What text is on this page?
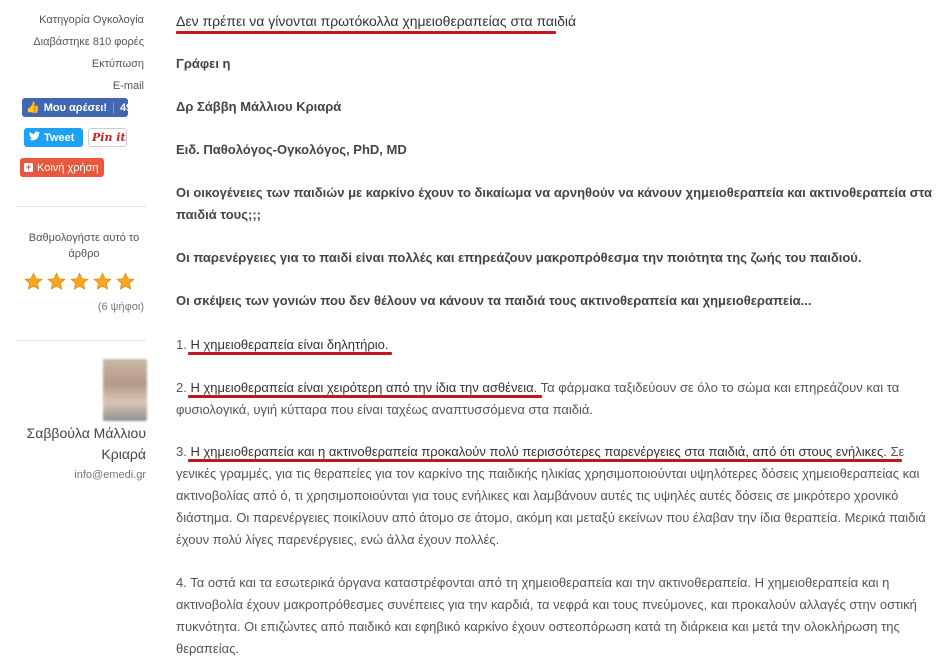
Κατηγορία Ογκολογία
Διαβάστηκε 810 φορές
Εκτύπωση
E-mail
👍 Μου αρέσει!	49
Tweet Pin it
+ Κοινή χρήση
Βαθμολογήστε αυτό το άρθρο
(6 ψήφοι)
Σαββούλα Μάλλιου Κριαρά
info@emedi.gr
Δεν πρέπει να γίνονται πρωτόκολλα χημειοθεραπείας στα παιδιά
Γράφει η
Δρ Σάββη Μάλλιου Κριαρά
Ειδ. Παθολόγος-Ογκολόγος, PhD, MD
Οι οικογένειες των παιδιών με καρκίνο έχουν το δικαίωμα να αρνηθούν να κάνουν χημειοθεραπεία και ακτινοθεραπεία στα παιδιά τους;;;
Οι παρενέργειες για το παιδί είναι πολλές και επηρεάζουν μακροπρόθεσμα την ποιότητα της ζωής του παιδιού.
Οι σκέψεις των γονιών που δεν θέλουν να κάνουν τα παιδιά τους ακτινοθεραπεία και χημειοθεραπεία...
1. Η χημειοθεραπεία είναι δηλητήριο.
2. Η χημειοθεραπεία είναι χειρότερη από την ίδια την ασθένεια. Τα φάρμακα ταξιδεύουν σε όλο το σώμα και επηρεάζουν και τα φυσιολογικά, υγιή κύτταρα που είναι ταχέως αναπτυσσόμενα στα παιδιά.
3. Η χημειοθεραπεία και η ακτινοθεραπεία προκαλούν πολύ περισσότερες παρενέργειες στα παιδιά, από ότι στους ενήλικες. Σε γενικές γραμμές, για τις θεραπείες για τον καρκίνο της παιδικής ηλικίας χρησιμοποιούνται υψηλότερες δόσεις χημειοθεραπείας και ακτινοβολίας από ό, τι χρησιμοποιούνται για τους ενήλικες και λαμβάνουν αυτές τις υψηλές αυτές δόσεις σε μικρότερο χρονικό διάστημα. Οι παρενέργειες ποικίλουν από άτομο σε άτομο, ακόμη και μεταξύ εκείνων που έλαβαν την ίδια θεραπεία. Μερικά παιδιά έχουν πολύ λίγες παρενέργειες, ενώ άλλα έχουν πολλές.
4. Τα οστά και τα εσωτερικά όργανα καταστρέφονται από τη χημειοθεραπεία και την ακτινοθεραπεία. Η χημειοθεραπεία και η ακτινοβολία έχουν μακροπρόθεσμες συνέπειες για την καρδιά, τα νεφρά και τους πνεύμονες, και προκαλούν αλλαγές στην οστική πυκνότητα. Οι επιζώντες από παιδικό και εφηβικό καρκίνο έχουν οστεοπόρωση κατά τη διάρκεια και μετά την ολοκλήρωση της θεραπείας.
